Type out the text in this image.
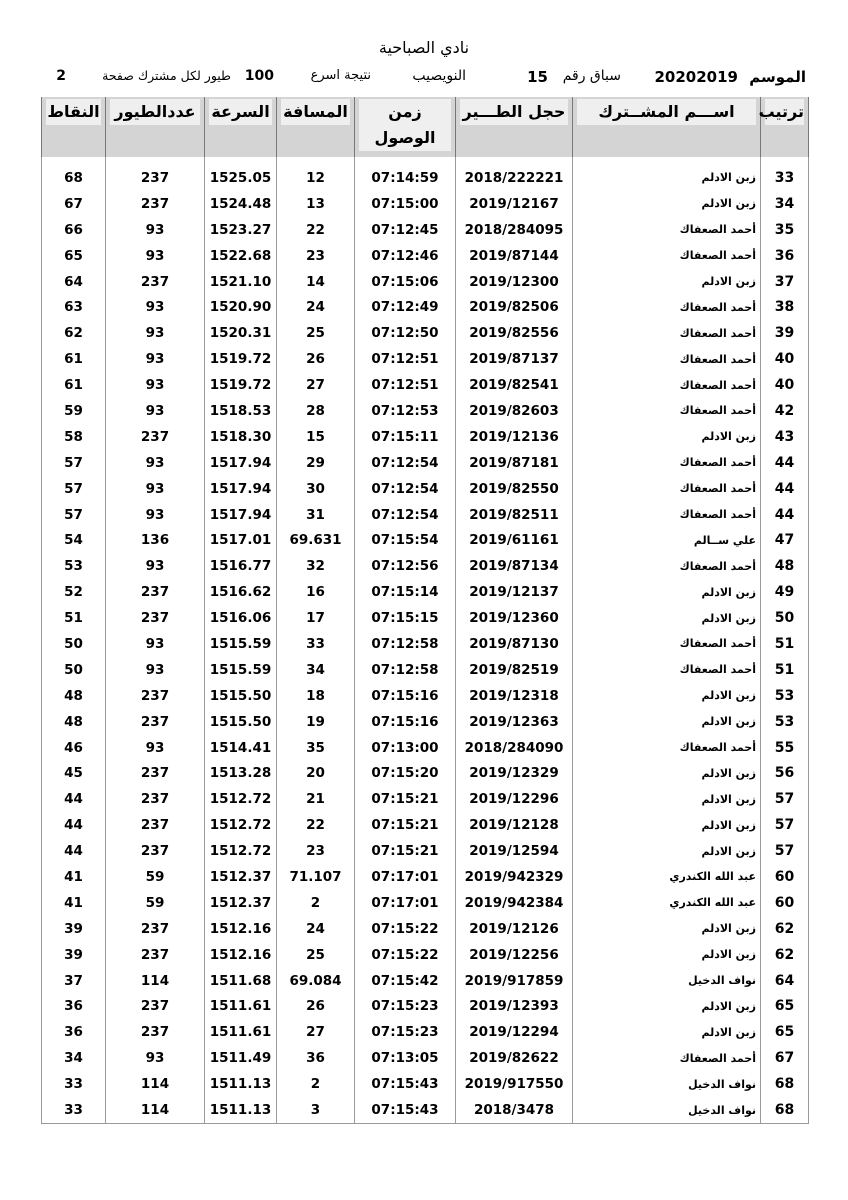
نادي الصباحية
الموسم
20202019
سباق رقم
15
النويصيب
نتيجة اسرع
100
طيور لكل مشترك صفحة
2
ترتيب	اســـم المشــترك	حجل الطـــير	زمن الوصول	المسافة	السرعة	عددالطيور	النقاط

33	زبن الادلم	2018/222221	07:14:59	12	1525.05	237	68
34	زبن الادلم	2019/12167	07:15:00	13	1524.48	237	67
35	أحمد الصعفاك	2018/284095	07:12:45	22	1523.27	93	66
36	أحمد الصعفاك	2019/87144	07:12:46	23	1522.68	93	65
37	زبن الادلم	2019/12300	07:15:06	14	1521.10	237	64
38	أحمد الصعفاك	2019/82506	07:12:49	24	1520.90	93	63
39	أحمد الصعفاك	2019/82556	07:12:50	25	1520.31	93	62
40	أحمد الصعفاك	2019/87137	07:12:51	26	1519.72	93	61
40	أحمد الصعفاك	2019/82541	07:12:51	27	1519.72	93	61
42	أحمد الصعفاك	2019/82603	07:12:53	28	1518.53	93	59
43	زبن الادلم	2019/12136	07:15:11	15	1518.30	237	58
44	أحمد الصعفاك	2019/87181	07:12:54	29	1517.94	93	57
44	أحمد الصعفاك	2019/82550	07:12:54	30	1517.94	93	57
44	أحمد الصعفاك	2019/82511	07:12:54	31	1517.94	93	57
47	علي ســالم	2019/61161	07:15:54	69.631	1517.01	136	54
48	أحمد الصعفاك	2019/87134	07:12:56	32	1516.77	93	53
49	زبن الادلم	2019/12137	07:15:14	16	1516.62	237	52
50	زبن الادلم	2019/12360	07:15:15	17	1516.06	237	51
51	أحمد الصعفاك	2019/87130	07:12:58	33	1515.59	93	50
51	أحمد الصعفاك	2019/82519	07:12:58	34	1515.59	93	50
53	زبن الادلم	2019/12318	07:15:16	18	1515.50	237	48
53	زبن الادلم	2019/12363	07:15:16	19	1515.50	237	48
55	أحمد الصعفاك	2018/284090	07:13:00	35	1514.41	93	46
56	زبن الادلم	2019/12329	07:15:20	20	1513.28	237	45
57	زبن الادلم	2019/12296	07:15:21	21	1512.72	237	44
57	زبن الادلم	2019/12128	07:15:21	22	1512.72	237	44
57	زبن الادلم	2019/12594	07:15:21	23	1512.72	237	44
60	عبد الله الكندري	2019/942329	07:17:01	71.107	1512.37	59	41
60	عبد الله الكندري	2019/942384	07:17:01	2	1512.37	59	41
62	زبن الادلم	2019/12126	07:15:22	24	1512.16	237	39
62	زبن الادلم	2019/12256	07:15:22	25	1512.16	237	39
64	نواف الدخيل	2019/917859	07:15:42	69.084	1511.68	114	37
65	زبن الادلم	2019/12393	07:15:23	26	1511.61	237	36
65	زبن الادلم	2019/12294	07:15:23	27	1511.61	237	36
67	أحمد الصعفاك	2019/82622	07:13:05	36	1511.49	93	34
68	نواف الدخيل	2019/917550	07:15:43	2	1511.13	114	33
68	نواف الدخيل	2018/3478	07:15:43	3	1511.13	114	33
